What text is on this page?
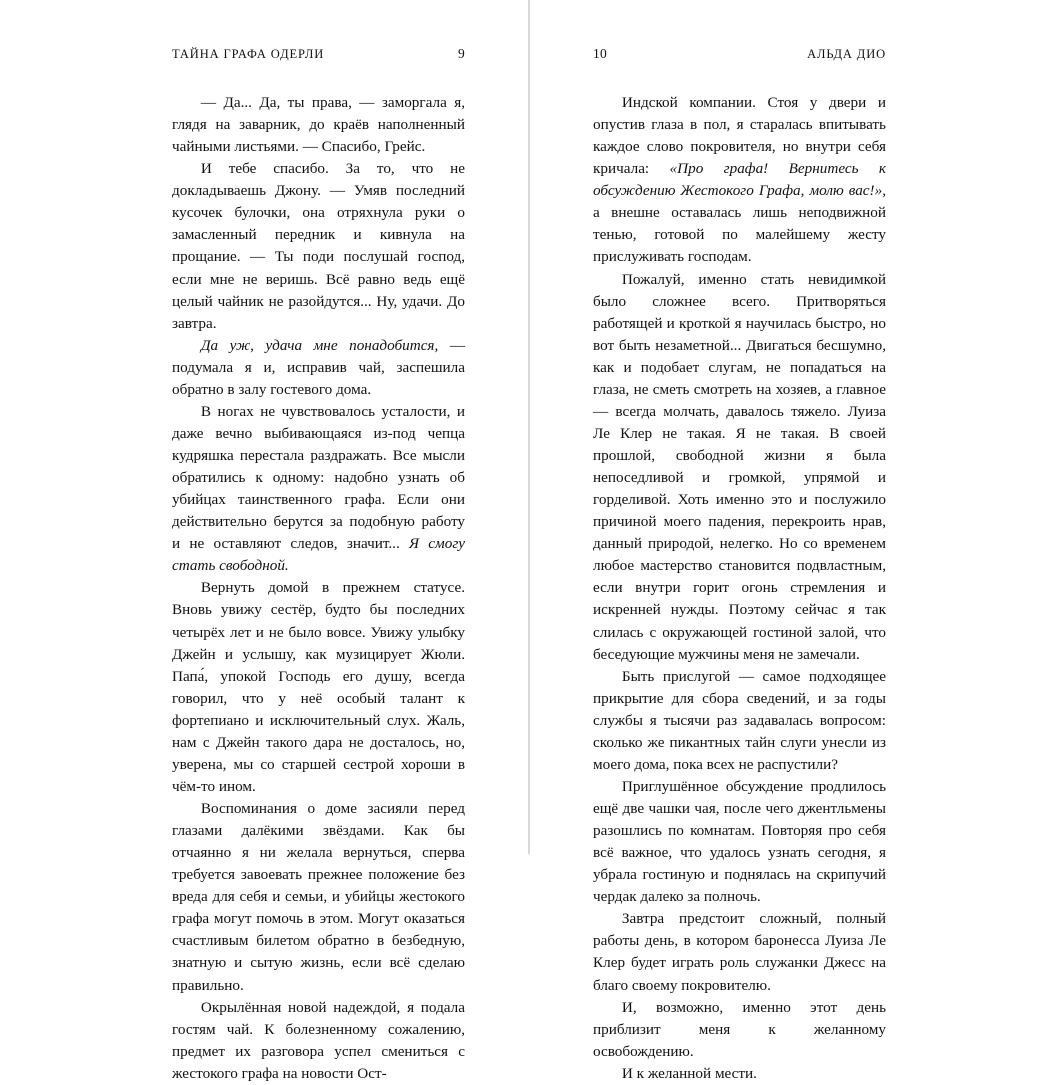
ТАЙНА ГРАФА ОДЕРЛИ	9

— Да... Да, ты права, — заморгала я, глядя на заварник, до краёв наполненный чайными листьями. — Спасибо, Грейс.

И тебе спасибо. За то, что не докладываешь Джону. — Умяв последний кусочек булочки, она отряхнула руки о замасленный передник и кивнула на прощание. — Ты поди послушай господ, если мне не веришь. Всё равно ведь ещё целый чайник не разойдутся... Ну, удачи. До завтра.

Да уж, удача мне понадобится, — подумала я и, исправив чай, заспешила обратно в залу гостевого дома.

В ногах не чувствовалось усталости, и даже вечно выбивающаяся из-под чепца кудряшка перестала раздражать. Все мысли обратились к одному: надобно узнать об убийцах таинственного графа. Если они действительно берутся за подобную работу и не оставляют следов, значит... Я смогу стать свободной.

Вернуть домой в прежнем статусе. Вновь увижу сестёр, будто бы последних четырёх лет и не было вовсе. Увижу улыбку Джейн и услышу, как музицирует Жюли. Папа́, упокой Господь его душу, всегда говорил, что у неё особый талант к фортепиано и исключительный слух. Жаль, нам с Джейн такого дара не досталось, но, уверена, мы со старшей сестрой хороши в чём-то ином.

Воспоминания о доме засияли перед глазами далёкими звёздами. Как бы отчаянно я ни желала вернуться, сперва требуется завоевать прежнее положение без вреда для себя и семьи, и убийцы жестокого графа могут помочь в этом. Могут оказаться счастливым билетом обратно в безбедную, знатную и сытую жизнь, если всё сделаю правильно.

Окрылённая новой надеждой, я подала гостям чай. К болезненному сожалению, предмет их разговора успел смениться с жестокого графа на новости Ост-

10	АЛЬДА ДИО

Индской компании. Стоя у двери и опустив глаза в пол, я старалась впитывать каждое слово покровителя, но внутри себя кричала: «Про графа! Вернитесь к обсуждению Жестокого Графа, молю вас!», а внешне оставалась лишь неподвижной тенью, готовой по малейшему жесту прислуживать господам.

Пожалуй, именно стать невидимкой было сложнее всего. Притворяться работящей и кроткой я научилась быстро, но вот быть незаметной... Двигаться бесшумно, как и подобает слугам, не попадаться на глаза, не сметь смотреть на хозяев, а главное — всегда молчать, давалось тяжело. Луиза Ле Клер не такая. Я не такая. В своей прошлой, свободной жизни я была непоседливой и громкой, упрямой и горделивой. Хоть именно это и послужило причиной моего падения, перекроить нрав, данный природой, нелегко. Но со временем любое мастерство становится подвластным, если внутри горит огонь стремления и искренней нужды. Поэтому сейчас я так слилась с окружающей гостиной залой, что беседующие мужчины меня не замечали.

Быть прислугой — самое подходящее прикрытие для сбора сведений, и за годы службы я тысячи раз задавалась вопросом: сколько же пикантных тайн слуги унесли из моего дома, пока всех не распустили?

Приглушённое обсуждение продлилось ещё две чашки чая, после чего джентльмены разошлись по комнатам. Повторяя про себя всё важное, что удалось узнать сегодня, я убрала гостиную и поднялась на скрипучий чердак далеко за полночь.

Завтра предстоит сложный, полный работы день, в котором баронесса Луиза Ле Клер будет играть роль служанки Джесс на благо своему покровителю.

И, возможно, именно этот день приблизит меня к желанному освобождению.

И к желанной мести.
